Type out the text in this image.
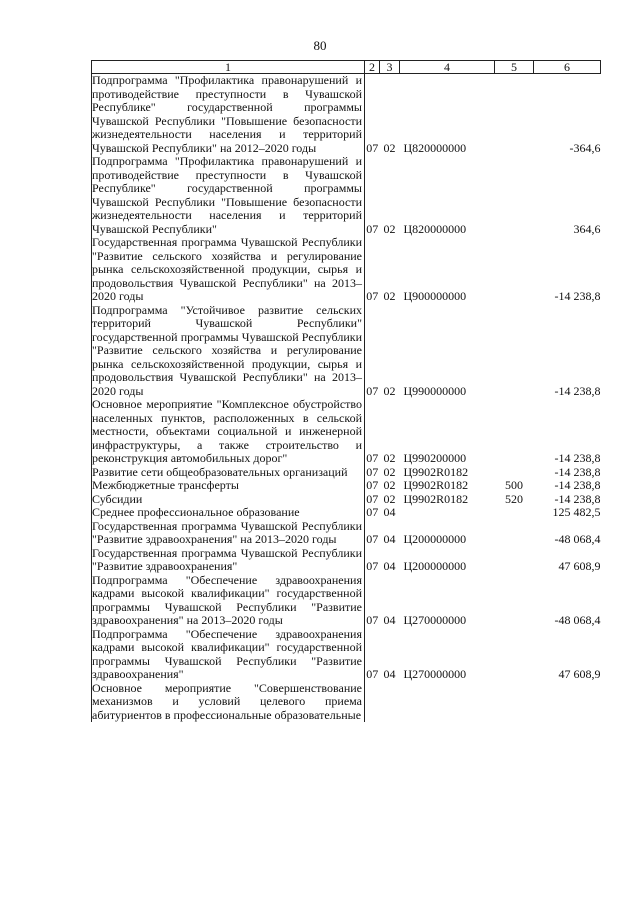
80
1	2	3	4	5	6
Подпрограмма "Профилактика правонарушений и противодействие преступности в Чувашской Республике" государственной программы Чувашской Республики "Повышение безопасности жизнедеятельности населения и территорий Чувашской Республики" на 2012–2020 годы	07	02	Ц820000000		-364,6
Подпрограмма "Профилактика правонарушений и противодействие преступности в Чувашской Республике" государственной программы Чувашской Республики "Повышение безопасности жизнедеятельности населения и территорий Чувашской Республики"	07	02	Ц820000000		364,6
Государственная программа Чувашской Республики "Развитие сельского хозяйства и регулирование рынка сельскохозяйственной продукции, сырья и продовольствия Чувашской Республики" на 2013–2020 годы	07	02	Ц900000000		-14 238,8
Подпрограмма "Устойчивое развитие сельских территорий Чувашской Республики" государственной программы Чувашской Республики "Развитие сельского хозяйства и регулирование рынка сельскохозяйственной продукции, сырья и продовольствия Чувашской Республики" на 2013–2020 годы	07	02	Ц990000000		-14 238,8
Основное мероприятие "Комплексное обустройство населенных пунктов, расположенных в сельской местности, объектами социальной и инженерной инфраструктуры, а также строительство и реконструкция автомобильных дорог"	07	02	Ц990200000		-14 238,8
Развитие сети общеобразовательных организаций	07	02	Ц9902R0182		-14 238,8
Межбюджетные трансферты	07	02	Ц9902R0182	500	-14 238,8
Субсидии	07	02	Ц9902R0182	520	-14 238,8
Среднее профессиональное образование	07	04			125 482,5
Государственная программа Чувашской Республики "Развитие здравоохранения" на 2013–2020 годы	07	04	Ц200000000		-48 068,4
Государственная программа Чувашской Республики "Развитие здравоохранения"	07	04	Ц200000000		47 608,9
Подпрограмма "Обеспечение здравоохранения кадрами высокой квалификации" государственной программы Чувашской Республики "Развитие здравоохранения" на 2013–2020 годы	07	04	Ц270000000		-48 068,4
Подпрограмма "Обеспечение здравоохранения кадрами высокой квалификации" государственной программы Чувашской Республики "Развитие здравоохранения"	07	04	Ц270000000		47 608,9
Основное мероприятие "Совершенствование механизмов и условий целевого приема абитуриентов в профессиональные образовательные					
